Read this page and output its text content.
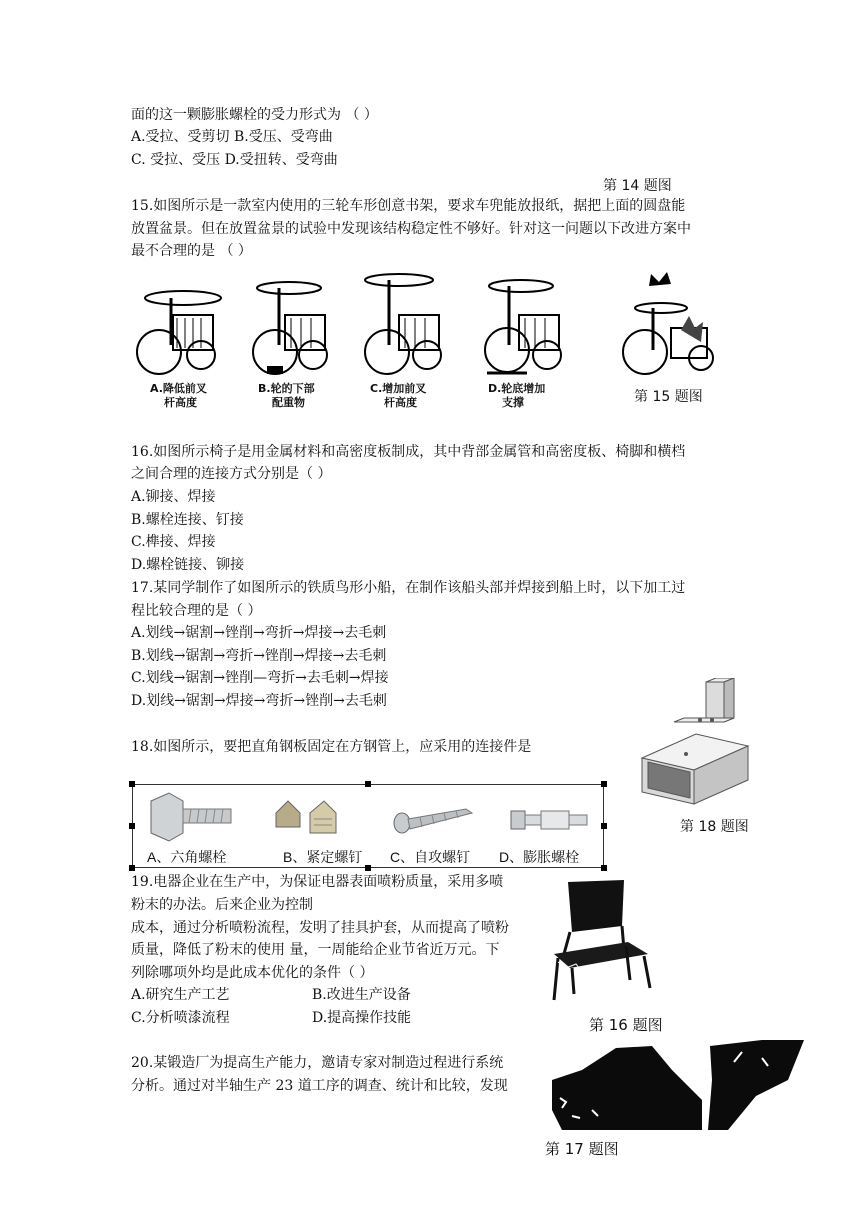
面的这一颗膨胀螺栓的受力形式为 （ ）
A.受拉、受剪切 B.受压、受弯曲
C. 受拉、受压 D.受扭转、受弯曲
第 14 题图
15.如图所示是一款室内使用的三轮车形创意书架，要求车兜能放报纸，据把上面的圆盘能
放置盆景。但在放置盆景的试验中发现该结构稳定性不够好。针对这一问题以下改进方案中
最不合理的是 （ ）
A.降低前叉
杆高度
B.轮的下部
配重物
C.增加前叉
杆高度
D.轮底增加
支撑	第 15 题图
16.如图所示椅子是用金属材料和高密度板制成，其中背部金属管和高密度板、椅脚和横档
之间合理的连接方式分别是（ ）
A.铆接、焊接
B.螺栓连接、钉接
C.榫接、焊接
D.螺栓链接、铆接
17.某同学制作了如图所示的铁质鸟形小船，在制作该船头部并焊接到船上时，以下加工过
程比较合理的是（ ）
A.划线→锯割→锉削→弯折→焊接→去毛刺
B.划线→锯割→弯折→锉削→焊接→去毛刺
C.划线→锯割→锉削—弯折→去毛刺→焊接
D.划线→锯割→焊接→弯折→锉削→去毛刺
18.如图所示，要把直角钢板固定在方钢管上，应采用的连接件是
A、六角螺栓	B、紧定螺钉 C、自攻螺钉 D、膨胀螺栓
第 18 题图
19.电器企业在生产中，为保证电器表面喷粉质量，采用多喷
粉末的办法。后来企业为控制
成本，通过分析喷粉流程，发明了挂具护套，从而提高了喷粉
质量，降低了粉末的使用 量，一周能给企业节省近万元。下
列除哪项外均是此成本优化的条件（ ）
A.研究生产工艺	B.改进生产设备
C.分析喷漆流程	D.提高操作技能	第 16 题图
20.某锻造厂为提高生产能力，邀请专家对制造过程进行系统
分析。通过对半轴生产 23 道工序的调查、统计和比较，发现
第 17 题图
